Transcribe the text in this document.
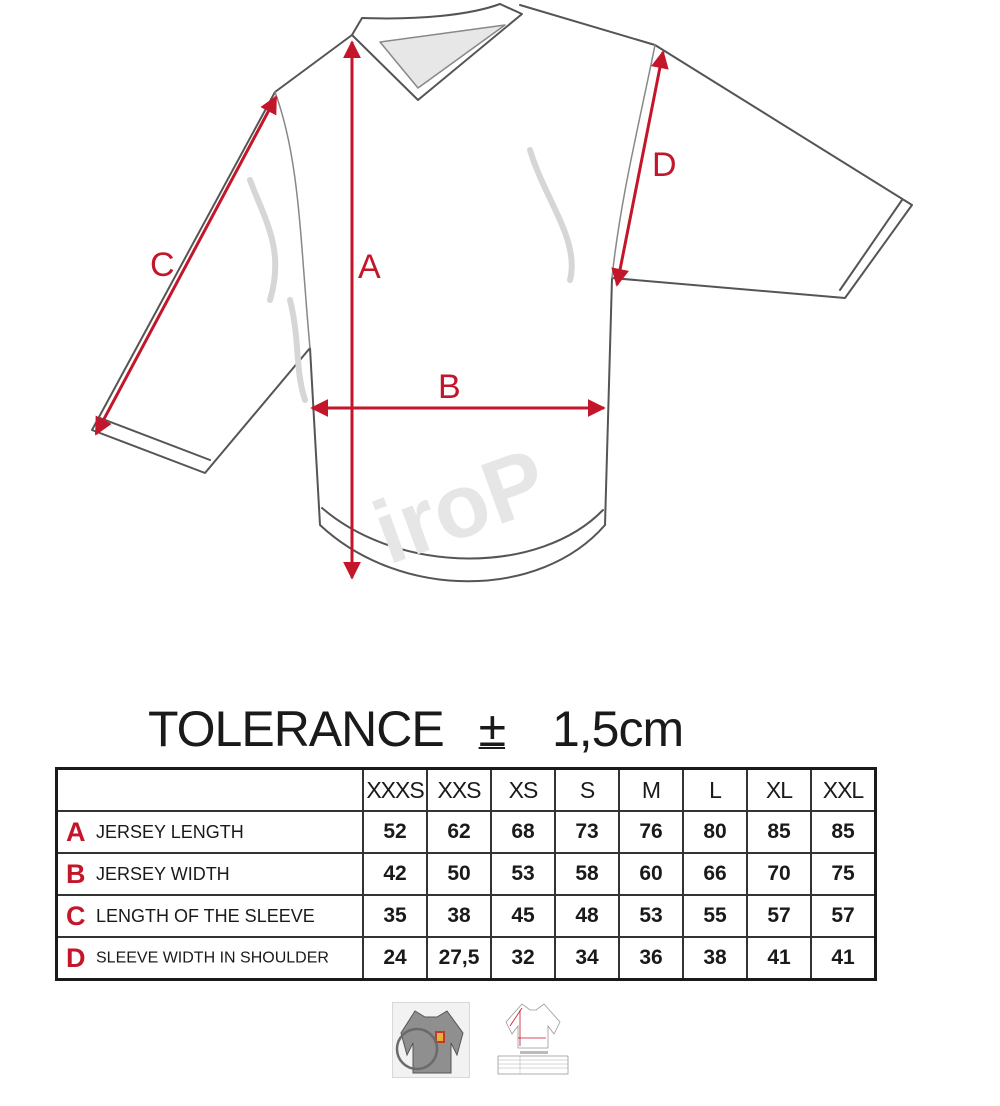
iroP
A
B
C
D
TOLERANCE ± 1,5cm
	XXXS	XXS	XS	S	M	L	XL	XXL
A JERSEY LENGTH	52	62	68	73	76	80	85	85
B JERSEY WIDTH	42	50	53	58	60	66	70	75
C LENGTH OF THE SLEEVE	35	38	45	48	53	55	57	57
D SLEEVE WIDTH IN SHOULDER	24	27,5	32	34	36	38	41	41
